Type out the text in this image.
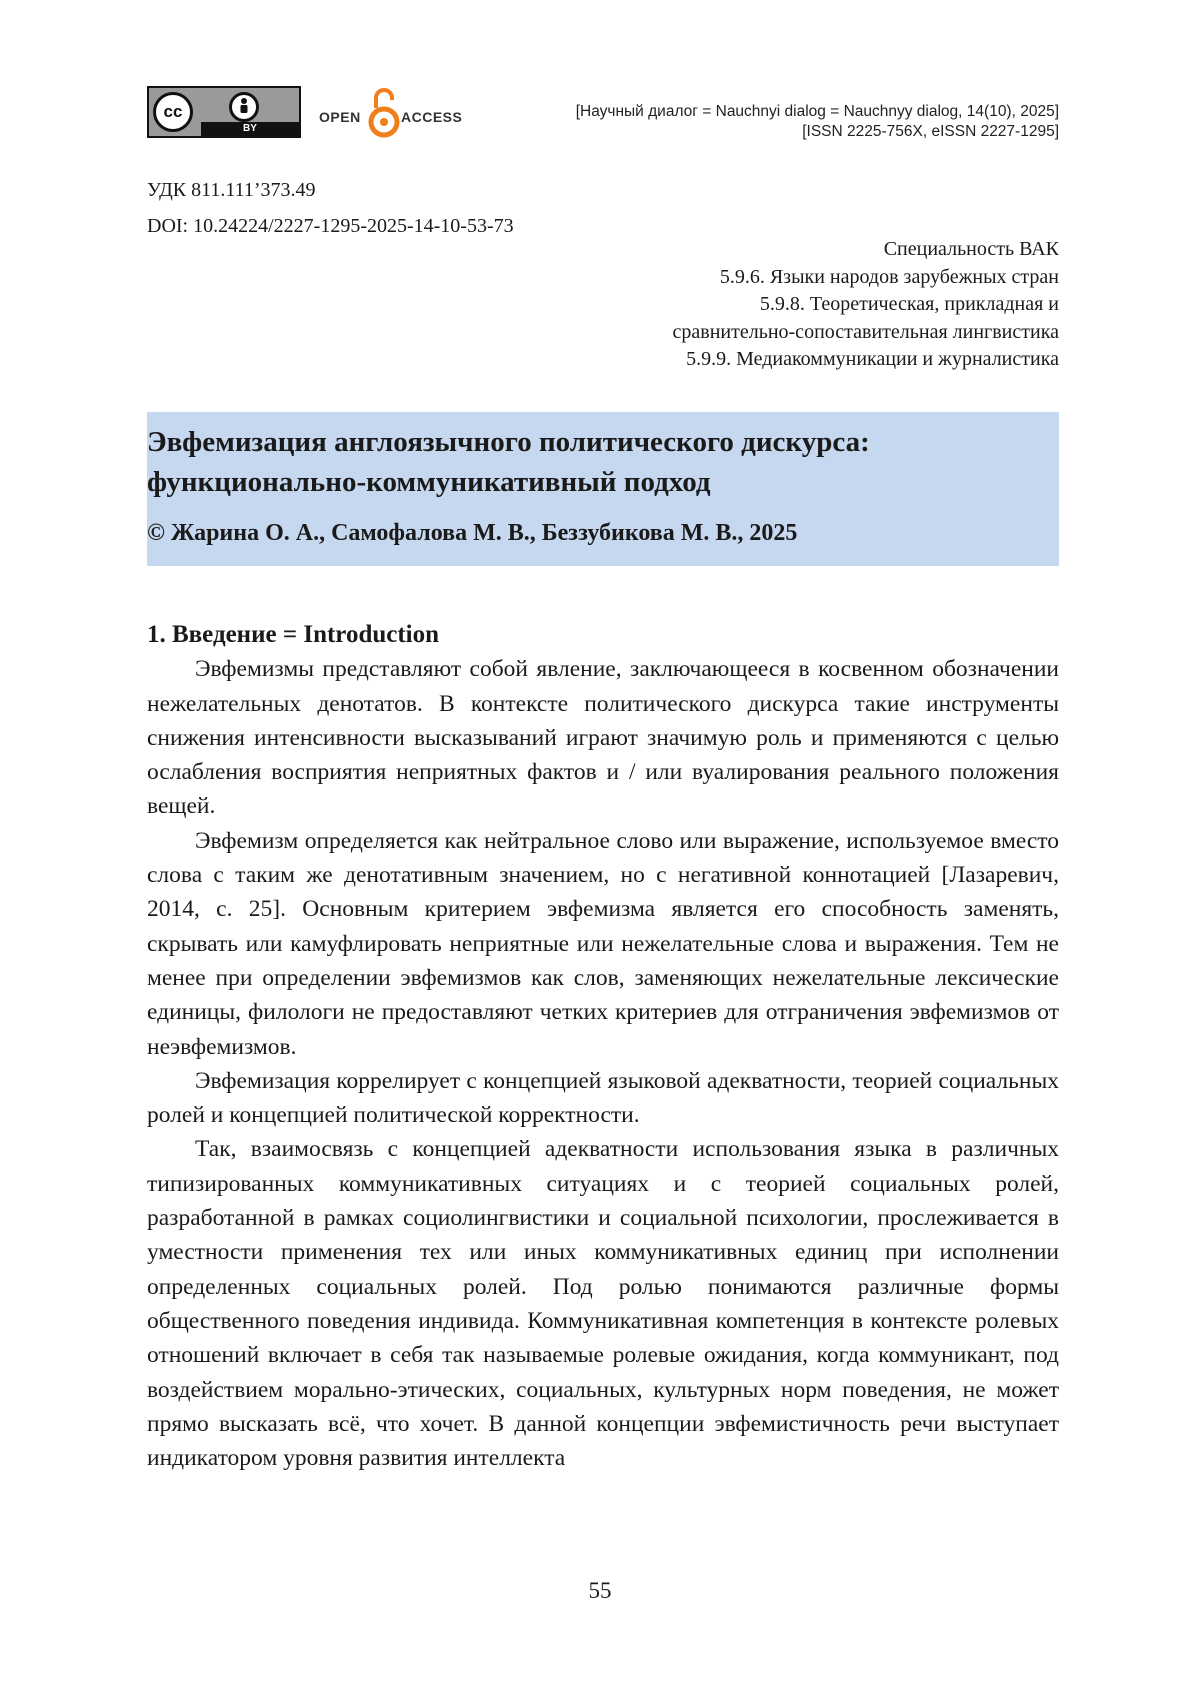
cc
BY
OPEN	ACCESS	[Научный диалог = Nauchnyi dialog = Nauchnyy dialog, 14(10), 2025]
[ISSN 2225-756X, eISSN 2227-1295]
УДК 811.111’373.49
DOI: 10.24224/2227-1295-2025-14-10-53-73
Специальность ВАК
5.9.6. Языки народов зарубежных стран
5.9.8. Теоретическая, прикладная и
сравнительно-сопоставительная лингвистика
5.9.9. Медиакоммуникации и журналистика
Эвфемизация англоязычного политического дискурса: функционально-коммуникативный подход
© Жарина О. А., Самофалова М. В., Беззубикова М. В., 2025
1. Введение = Introduction

Эвфемизмы представляют собой явление, заключающееся в косвенном обозначении нежелательных денотатов. В контексте политического дискурса такие инструменты снижения интенсивности высказываний играют значимую роль и применяются с целью ослабления восприятия неприятных фактов и / или вуалирования реального положения вещей.

Эвфемизм определяется как нейтральное слово или выражение, используемое вместо слова с таким же денотативным значением, но с негативной коннотацией [Лазаревич, 2014, с. 25]. Основным критерием эвфемизма является его способность заменять, скрывать или камуфлировать неприятные или нежелательные слова и выражения. Тем не менее при определении эвфемизмов как слов, заменяющих нежелательные лексические единицы, филологи не предоставляют четких критериев для отграничения эвфемизмов от неэвфемизмов.

Эвфемизация коррелирует с концепцией языковой адекватности, теорией социальных ролей и концепцией политической корректности.

Так, взаимосвязь с концепцией адекватности использования языка в различных типизированных коммуникативных ситуациях и с теорией социальных ролей, разработанной в рамках социолингвистики и социальной психологии, прослеживается в уместности применения тех или иных коммуникативных единиц при исполнении определенных социальных ролей. Под ролью понимаются различные формы общественного поведения индивида. Коммуникативная компетенция в контексте ролевых отношений включает в себя так называемые ролевые ожидания, когда коммуникант, под воздействием морально-этических, социальных, культурных норм поведения, не может прямо высказать всё, что хочет. В данной концепции эвфемистичность речи выступает индикатором уровня развития интеллекта

55
